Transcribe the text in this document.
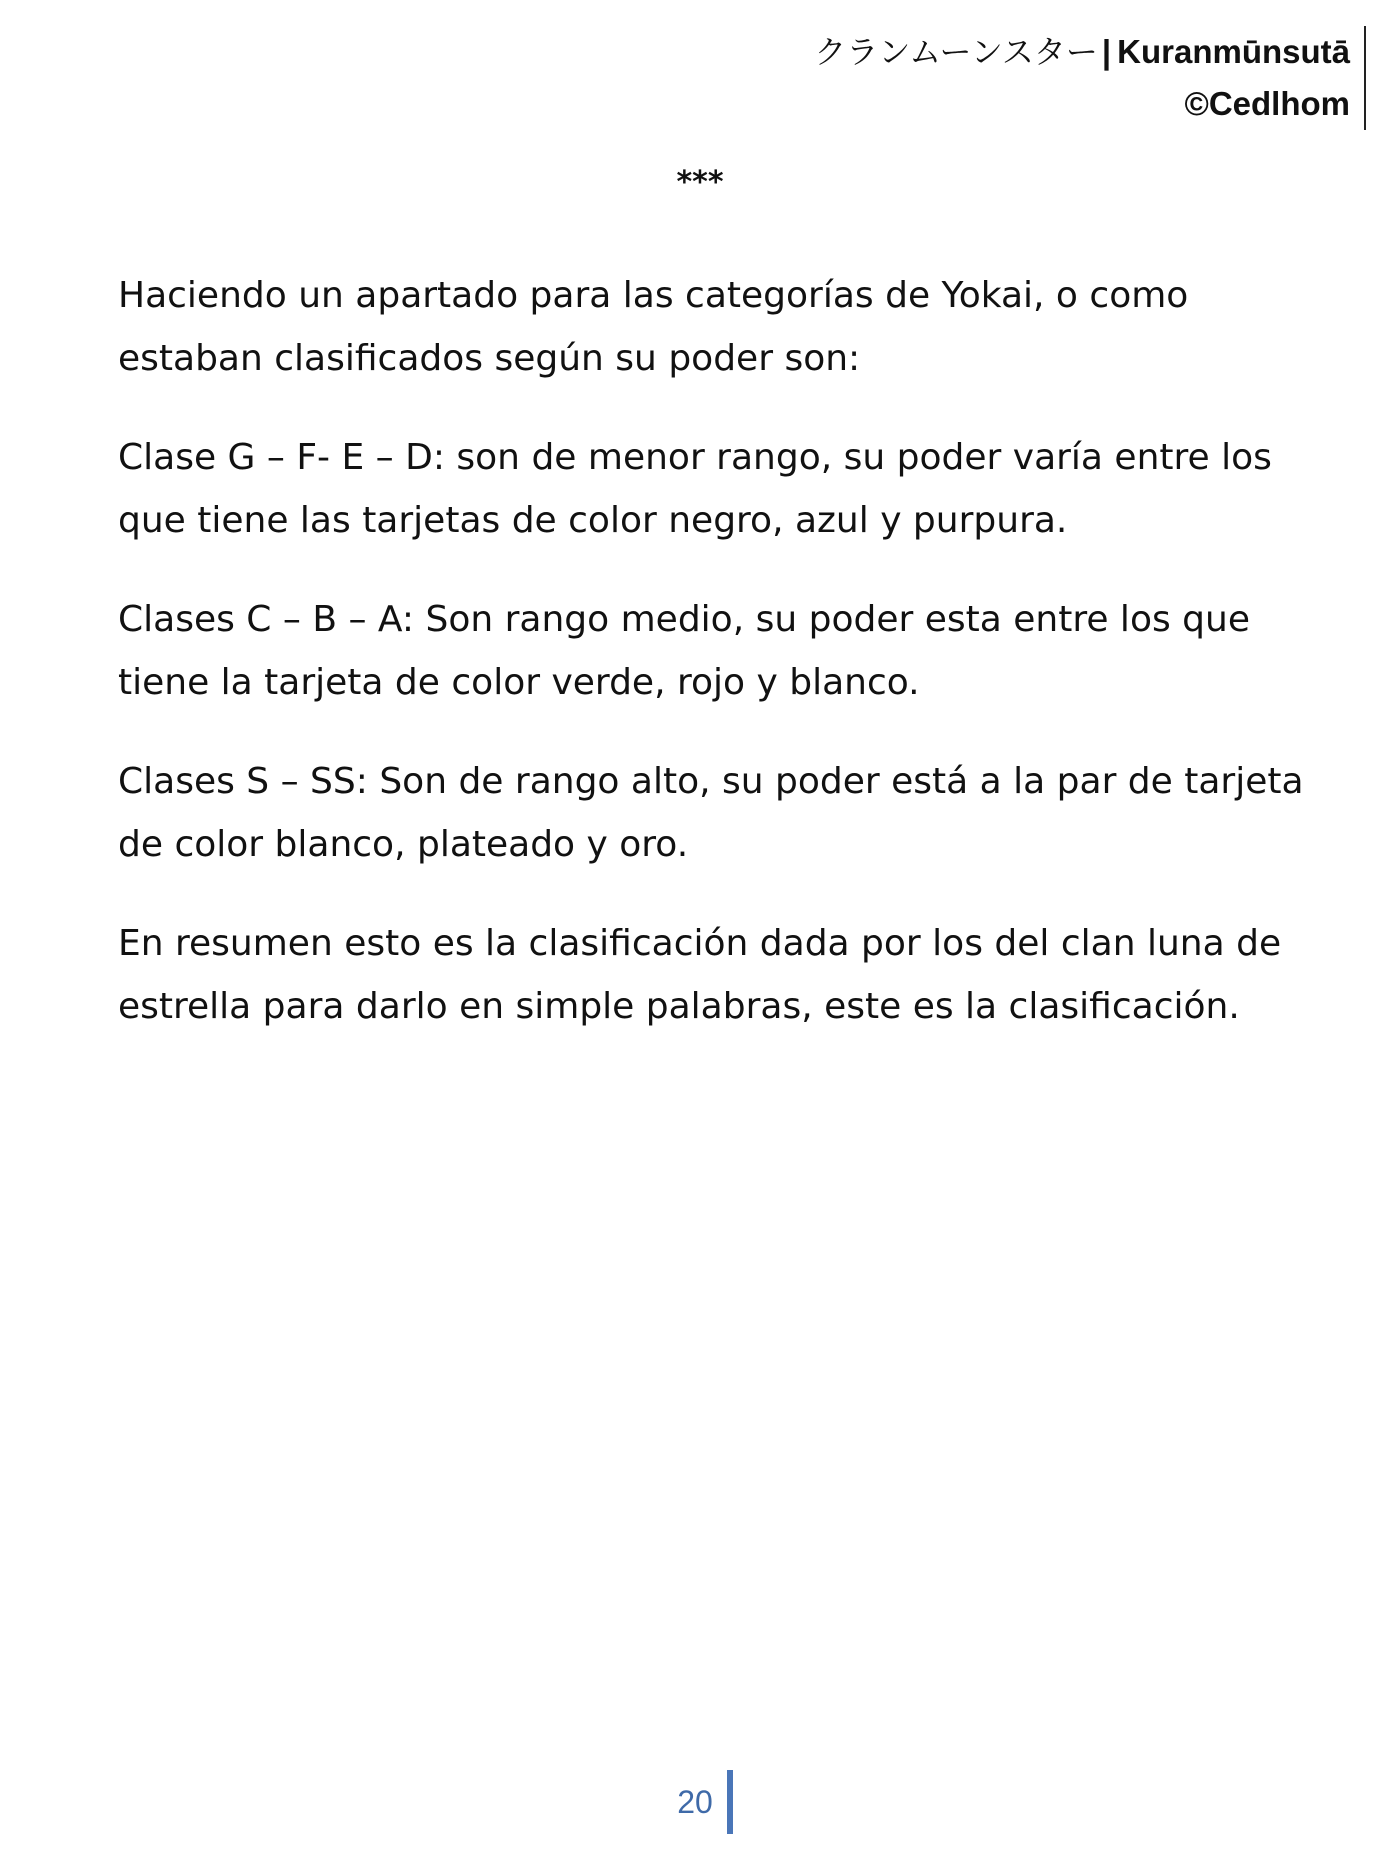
クランムーンスター | Kuranmūnsutā
©Cedlhom
***

Haciendo un apartado para las categorías de Yokai, o como estaban clasificados según su poder son:

Clase G – F- E – D: son de menor rango, su poder varía entre los que tiene las tarjetas de color negro, azul y purpura.

Clases C – B – A: Son rango medio, su poder esta entre los que tiene la tarjeta de color verde, rojo y blanco.

Clases S – SS: Son de rango alto, su poder está a la par de tarjeta de color blanco, plateado y oro.

En resumen esto es la clasificación dada por los del clan luna de estrella para darlo en simple palabras, este es la clasificación.

20
